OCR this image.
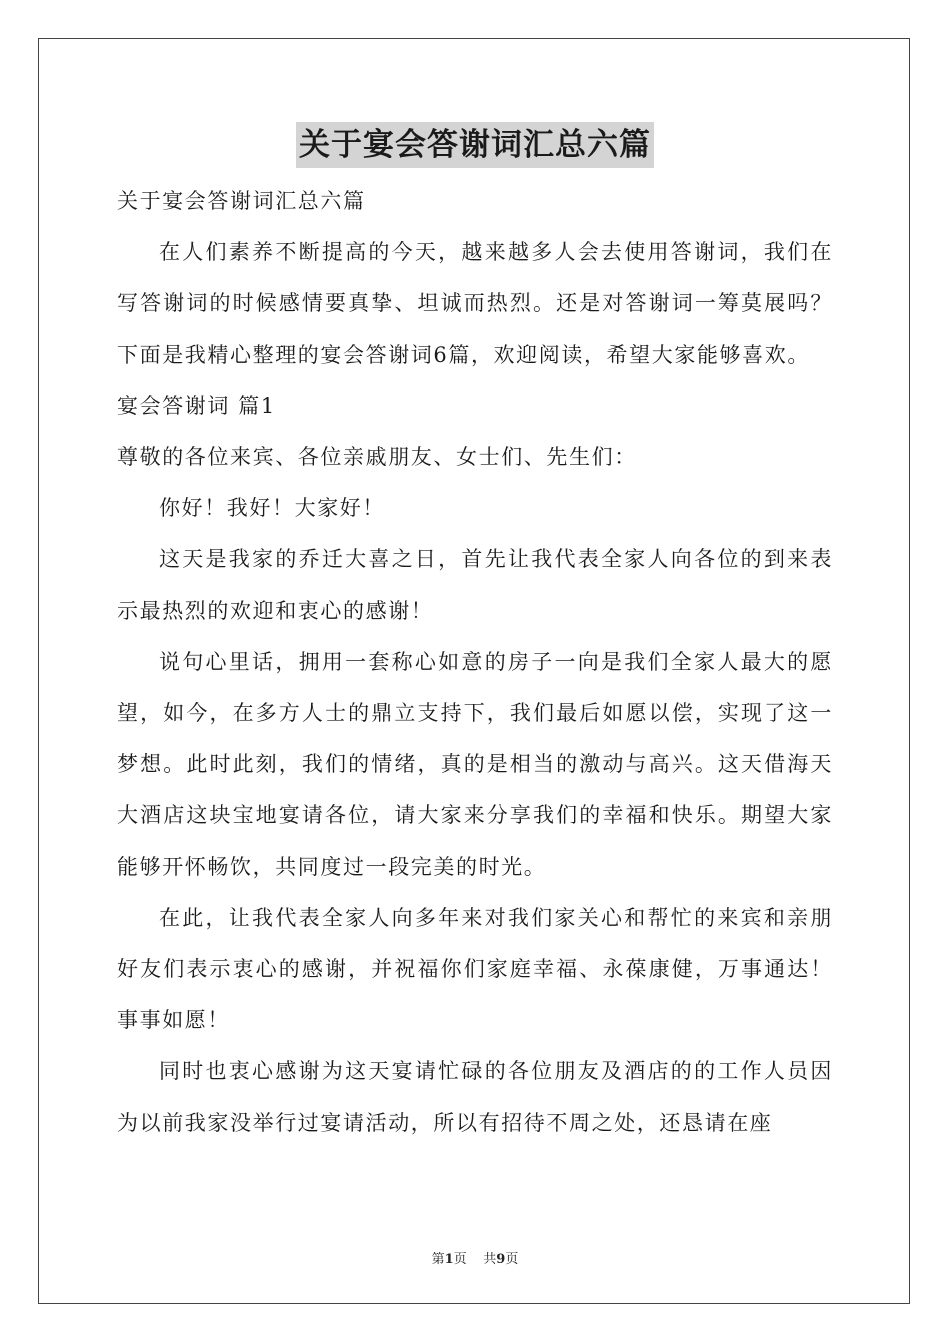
关于宴会答谢词汇总六篇

关于宴会答谢词汇总六篇

在人们素养不断提高的今天，越来越多人会去使用答谢词，我们在写答谢词的时候感情要真挚、坦诚而热烈。还是对答谢词一筹莫展吗？下面是我精心整理的宴会答谢词6篇，欢迎阅读，希望大家能够喜欢。

宴会答谢词 篇1

尊敬的各位来宾、各位亲戚朋友、女士们、先生们：

你好！我好！大家好！

这天是我家的乔迁大喜之日，首先让我代表全家人向各位的到来表示最热烈的欢迎和衷心的感谢！

说句心里话，拥用一套称心如意的房子一向是我们全家人最大的愿望，如今，在多方人士的鼎立支持下，我们最后如愿以偿，实现了这一梦想。此时此刻，我们的情绪，真的是相当的激动与高兴。这天借海天大酒店这块宝地宴请各位，请大家来分享我们的幸福和快乐。期望大家能够开怀畅饮，共同度过一段完美的时光。

在此，让我代表全家人向多年来对我们家关心和帮忙的来宾和亲朋好友们表示衷心的感谢，并祝福你们家庭幸福、永葆康健，万事通达！事事如愿！

同时也衷心感谢为这天宴请忙碌的各位朋友及酒店的的工作人员因为以前我家没举行过宴请活动，所以有招待不周之处，还恳请在座

第1页 共9页
